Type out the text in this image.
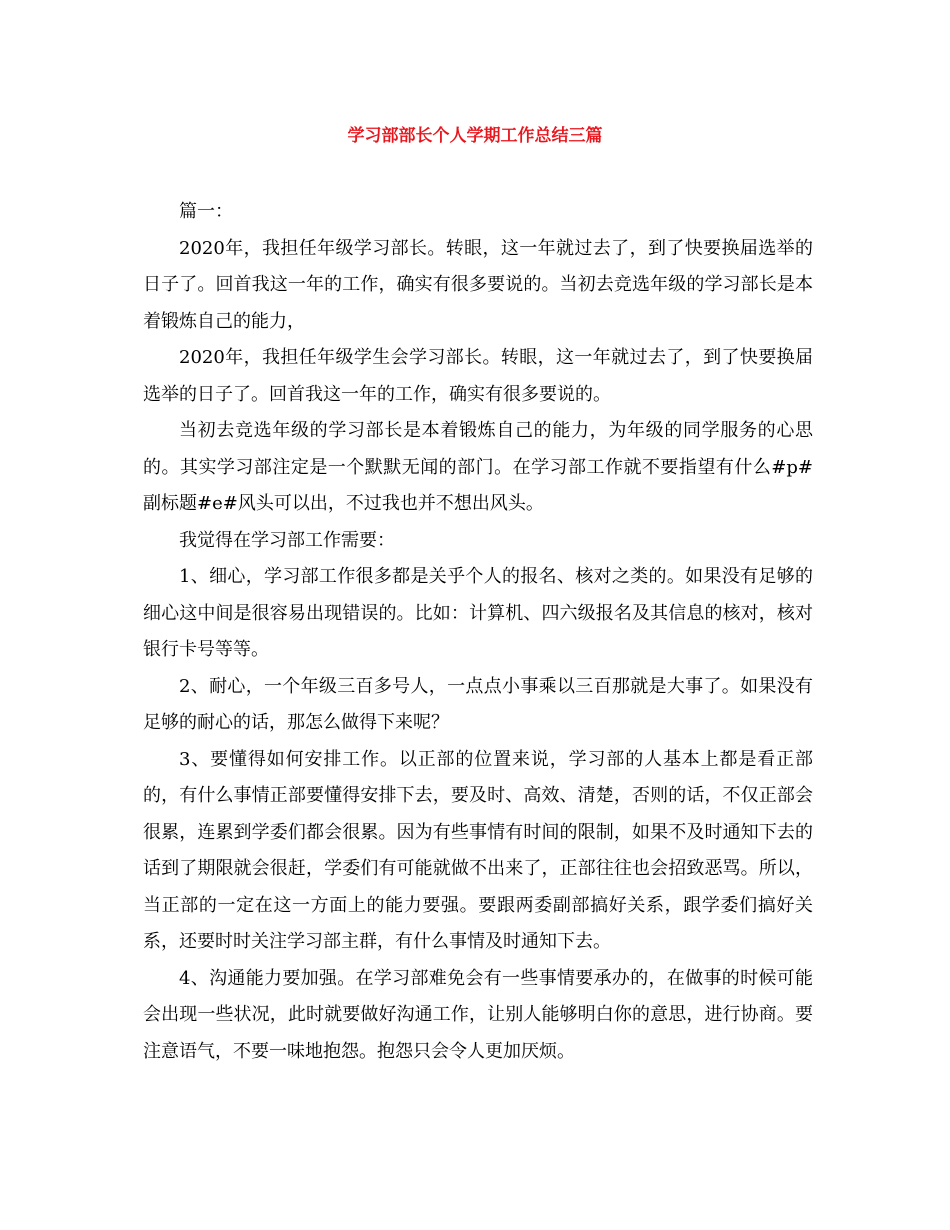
学习部部长个人学期工作总结三篇

篇一：

2020年，我担任年级学习部长。转眼，这一年就过去了，到了快要换届选举的日子了。回首我这一年的工作，确实有很多要说的。当初去竞选年级的学习部长是本着锻炼自己的能力，

2020年，我担任年级学生会学习部长。转眼，这一年就过去了，到了快要换届选举的日子了。回首我这一年的工作，确实有很多要说的。

当初去竞选年级的学习部长是本着锻炼自己的能力，为年级的同学服务的心思的。其实学习部注定是一个默默无闻的部门。在学习部工作就不要指望有什么#p#副标题#e#风头可以出，不过我也并不想出风头。

我觉得在学习部工作需要：

1、细心，学习部工作很多都是关乎个人的报名、核对之类的。如果没有足够的细心这中间是很容易出现错误的。比如：计算机、四六级报名及其信息的核对，核对银行卡号等等。

2、耐心，一个年级三百多号人，一点点小事乘以三百那就是大事了。如果没有足够的耐心的话，那怎么做得下来呢？

3、要懂得如何安排工作。以正部的位置来说，学习部的人基本上都是看正部的，有什么事情正部要懂得安排下去，要及时、高效、清楚，否则的话，不仅正部会很累，连累到学委们都会很累。因为有些事情有时间的限制，如果不及时通知下去的话到了期限就会很赶，学委们有可能就做不出来了，正部往往也会招致恶骂。所以，当正部的一定在这一方面上的能力要强。要跟两委副部搞好关系，跟学委们搞好关系，还要时时关注学习部主群，有什么事情及时通知下去。

4、沟通能力要加强。在学习部难免会有一些事情要承办的，在做事的时候可能会出现一些状况，此时就要做好沟通工作，让别人能够明白你的意思，进行协商。要注意语气，不要一味地抱怨。抱怨只会令人更加厌烦。
